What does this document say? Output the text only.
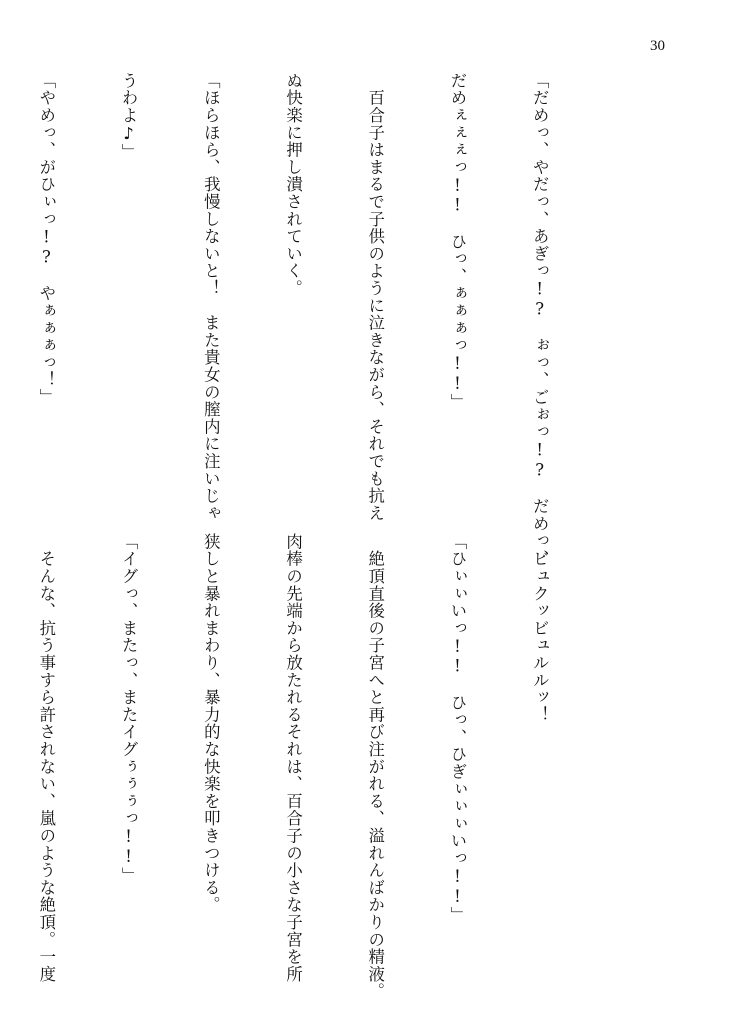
30

「だめっ、やだっ、あぎっ!?　ぉっ、ごぉっ!?　だめっ、

だめぇぇぇっ!!　ひっ、ぁぁぁっ!!」

　百合子はまるで子供のように泣きながら、それでも抗え

ぬ快楽に押し潰されていく。

「ほらほら、我慢しないと！　また貴女の膣内に注いじゃ

うわよ♪」

「やめっ、がひぃっ!?　やぁぁぁっ！」

　ビュクッビュルルッ！

「ひぃぃいっ!!　ひっ、ひぎぃぃぃいっ!!」

　絶頂直後の子宮へと再び注がれる、溢れんばかりの精液。

肉棒の先端から放たれるそれは、百合子の小さな子宮を所

狭しと暴れまわり、暴力的な快楽を叩きつける。

「イグっ、またっ、またイグぅぅぅっ!!」

　そんな、抗う事すら許されない、嵐のような絶頂。一度
